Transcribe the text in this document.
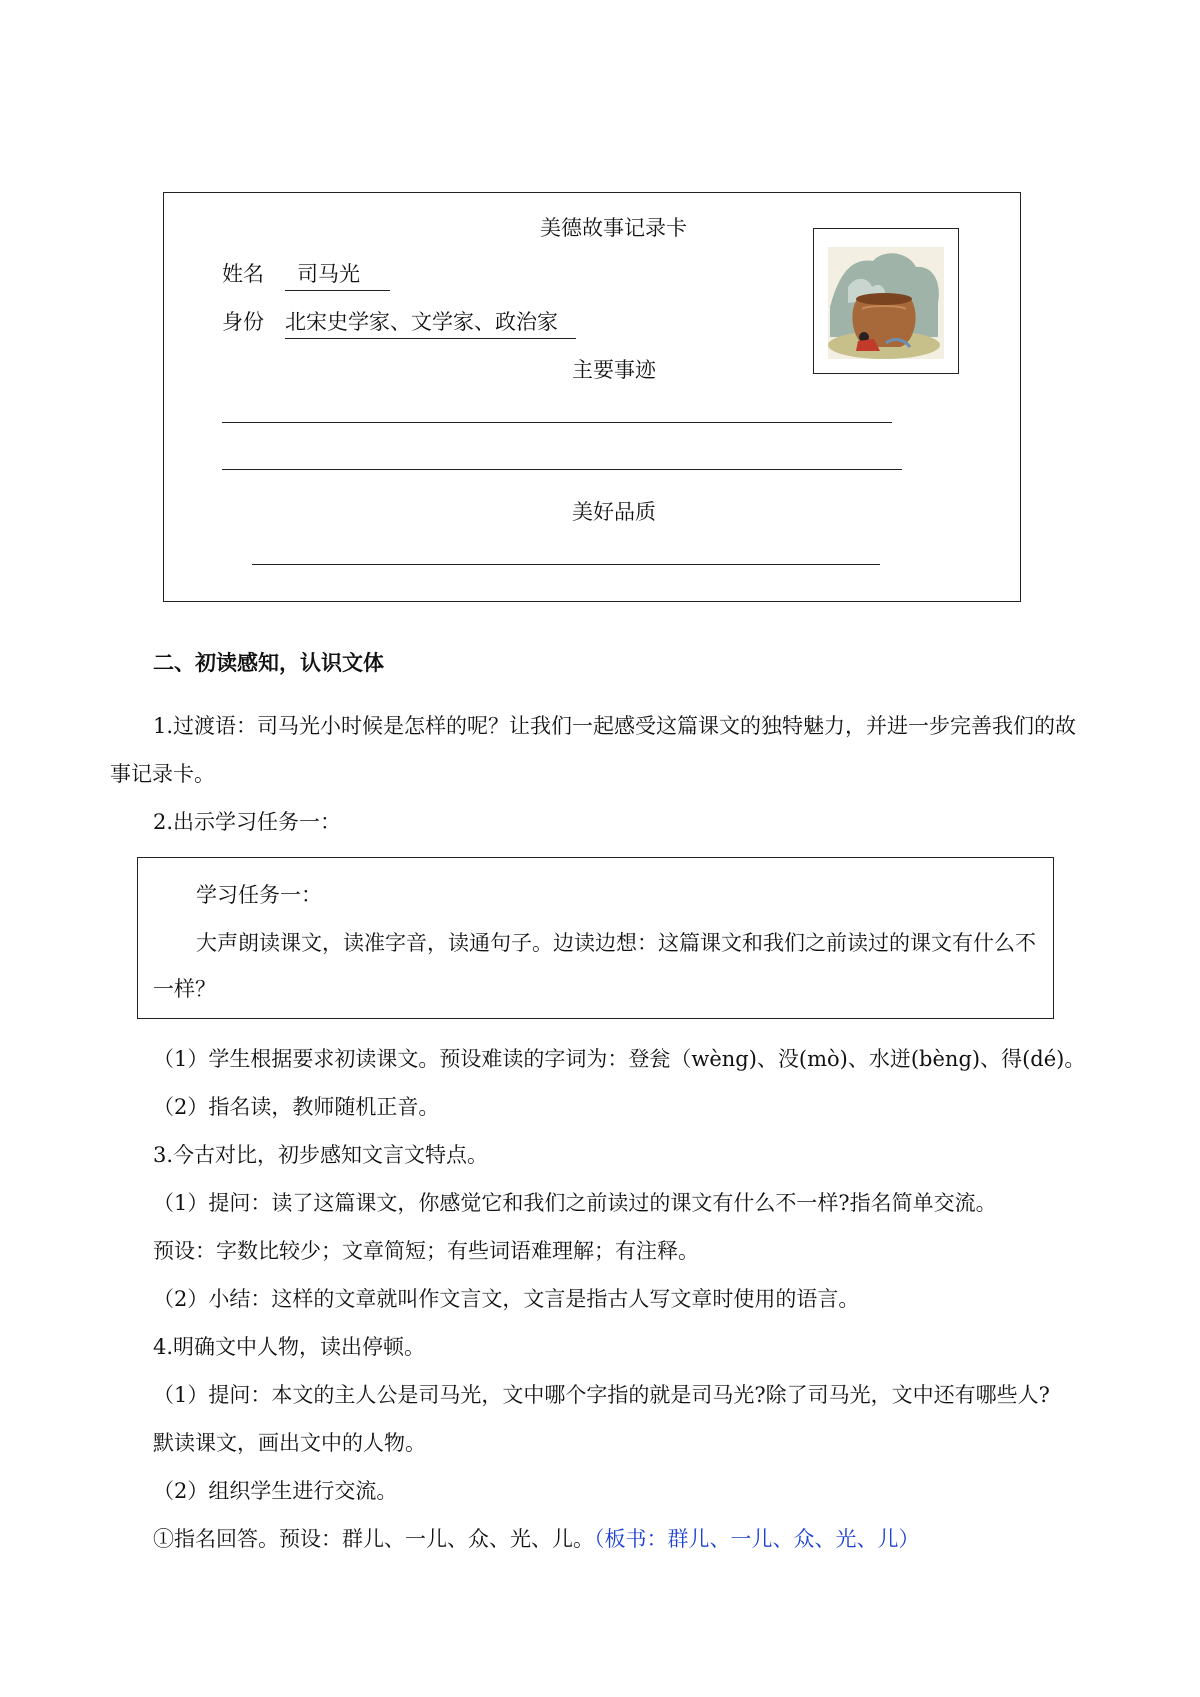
美德故事记录卡
姓名	司马光
身份 北宋史学家、文学家、政治家
主要事迹
美好品质
二、初读感知，认识文体
1.过渡语：司马光小时候是怎样的呢？让我们一起感受这篇课文的独特魅力，并进一步完善我们的故
事记录卡。
2.出示学习任务一：
学习任务一：
大声朗读课文，读准字音，读通句子。边读边想：这篇课文和我们之前读过的课文有什么不
一样？
（1）学生根据要求初读课文。预设难读的字词为：登瓮（wèng)、没(mò)、水迸(bèng)、得(dé)。
（2）指名读，教师随机正音。
3.今古对比，初步感知文言文特点。
（1）提问：读了这篇课文，你感觉它和我们之前读过的课文有什么不一样?指名简单交流。
预设：字数比较少；文章简短；有些词语难理解；有注释。
（2）小结：这样的文章就叫作文言文，文言是指古人写文章时使用的语言。
4.明确文中人物，读出停顿。
（1）提问：本文的主人公是司马光，文中哪个字指的就是司马光?除了司马光，文中还有哪些人?
默读课文，画出文中的人物。
（2）组织学生进行交流。
①指名回答。预设：群儿、一儿、众、光、儿。（板书：群儿、一儿、众、光、儿）
